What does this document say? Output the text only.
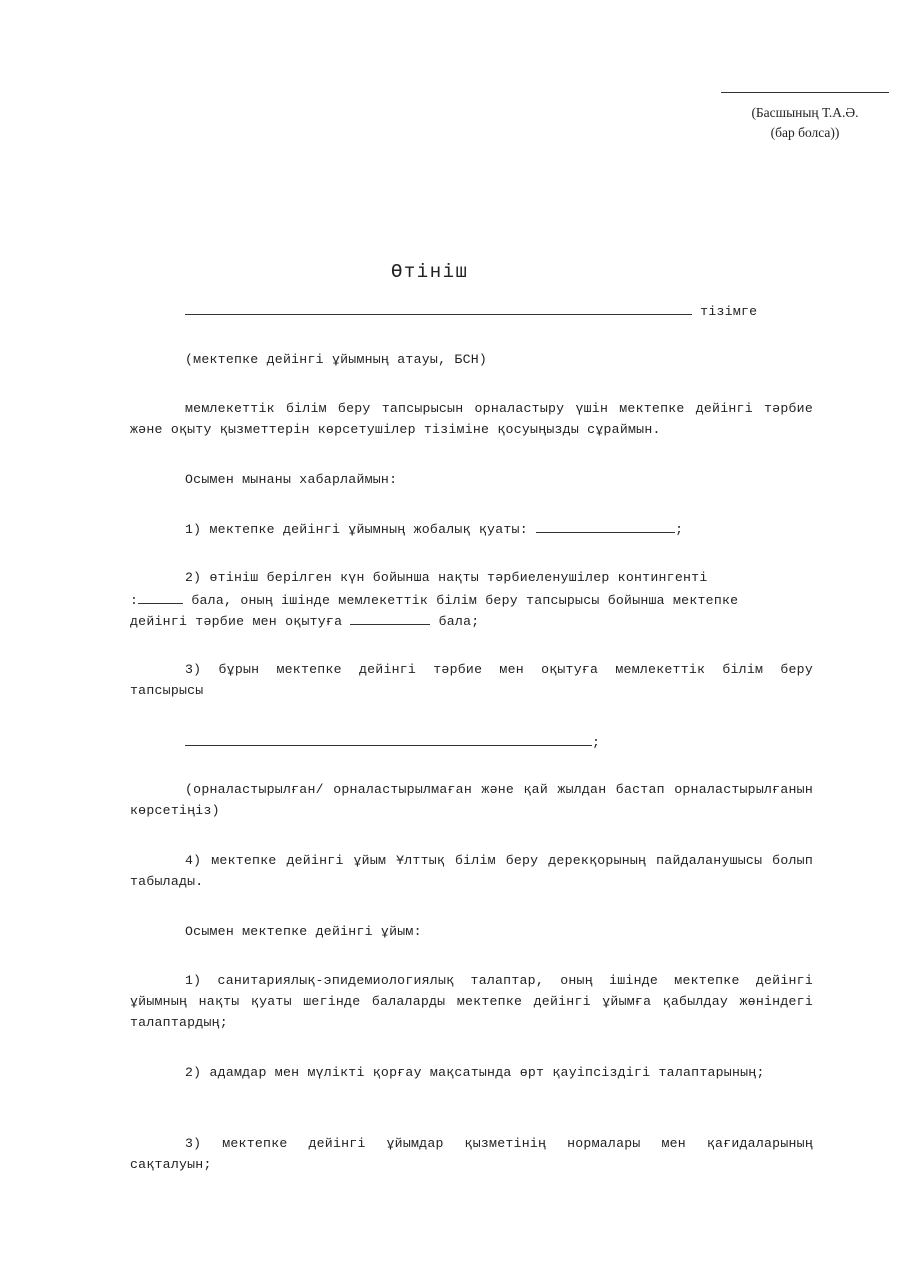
(Басшының Т.А.Ә.
(бар болса))
Өтініш
тізімге
(мектепке дейінгі ұйымның атауы, БСН)
мемлекеттік білім беру тапсырысын орналастыру үшін мектепке дейінгі тәрбие және оқыту қызметтерін көрсетушілер тізіміне қосуыңызды сұраймын.
Осымен мынаны хабарлаймын:
1) мектепке дейінгі ұйымның жобалық қуаты:	;
2) өтініш берілген күн бойынша нақты тәрбиеленушілер контингенті
:	бала, оның ішінде мемлекеттік білім беру тапсырысы бойынша мектепке
дейінгі тәрбие мен оқытуға	бала;
3) бұрын мектепке дейінгі тәрбие мен оқытуға мемлекеттік білім беру тапсырысы
;
(орналастырылған/ орналастырылмаған және қай жылдан бастап орналастырылғанын көрсетіңіз)
4) мектепке дейінгі ұйым Ұлттық білім беру дерекқорының пайдаланушысы болып табылады.
Осымен мектепке дейінгі ұйым:
1) санитариялық-эпидемиологиялық талаптар, оның ішінде мектепке дейінгі ұйымның нақты қуаты шегінде балаларды мектепке дейінгі ұйымға қабылдау жөніндегі талаптардың;
2) адамдар мен мүлікті қорғау мақсатында өрт қауіпсіздігі талаптарының;
3) мектепке дейінгі ұйымдар қызметінің нормалары мен қағидаларының сақталуын;
